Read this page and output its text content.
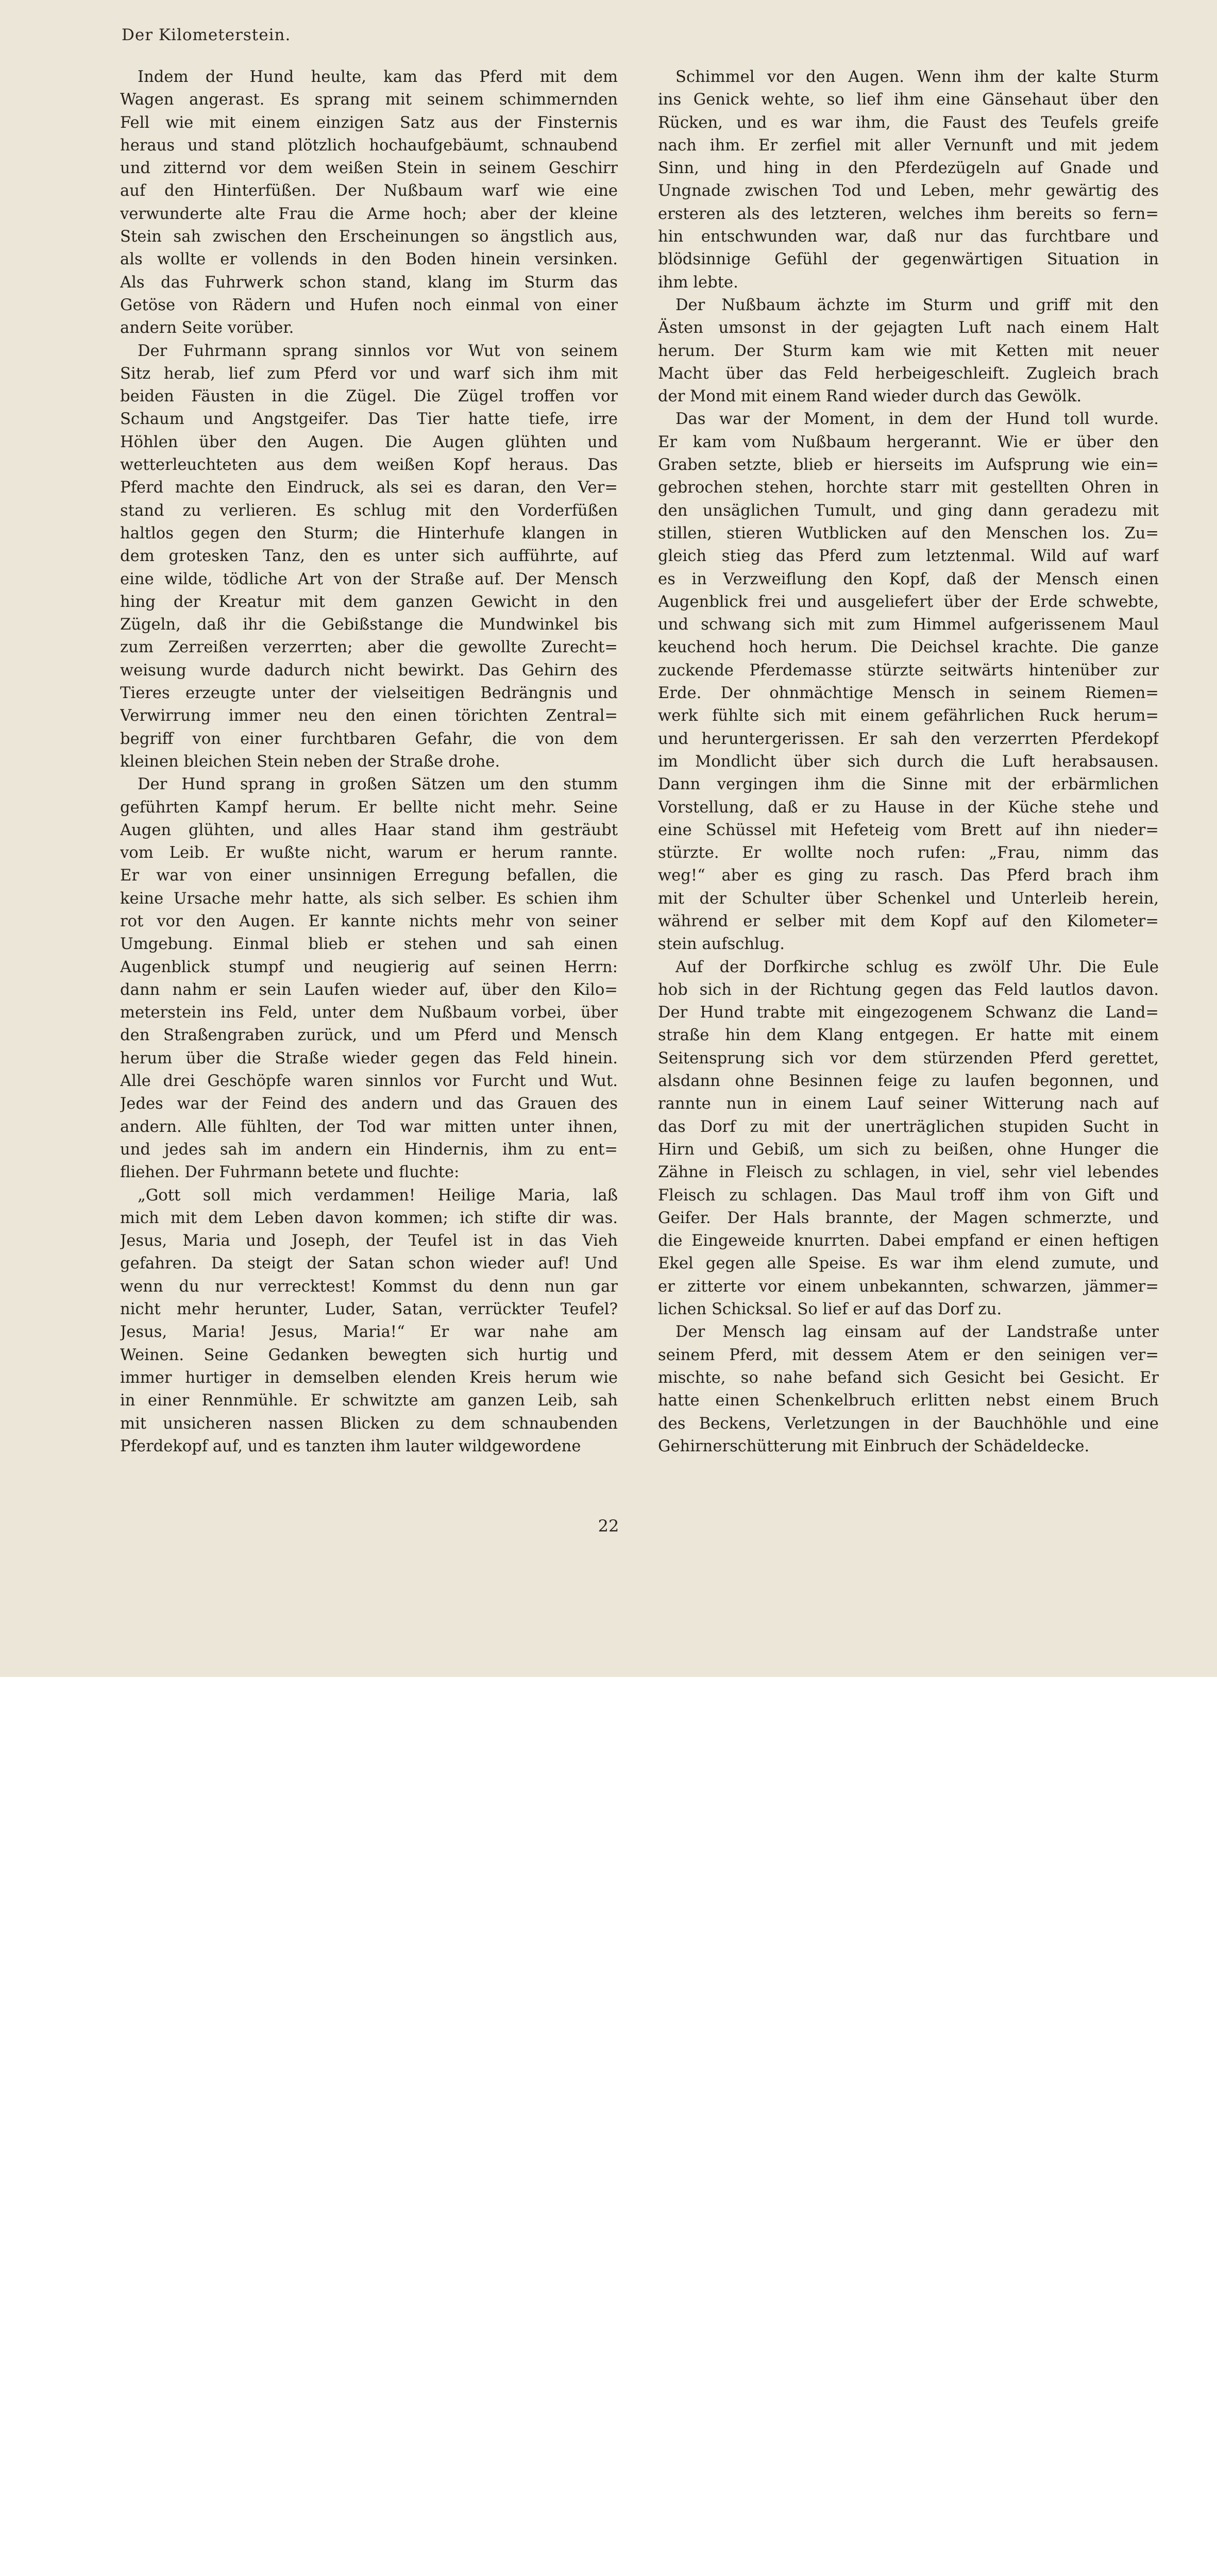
Der Kilometerstein.

Indem der Hund heulte, kam das Pferd mit dem
Wagen angerast. Es sprang mit seinem schimmernden
Fell wie mit einem einzigen Satz aus der Finsternis
heraus und stand plötzlich hochaufgebäumt, schnaubend
und zitternd vor dem weißen Stein in seinem Geschirr
auf den Hinterfüßen. Der Nußbaum warf wie eine
verwunderte alte Frau die Arme hoch; aber der kleine
Stein sah zwischen den Erscheinungen so ängstlich aus,
als wollte er vollends in den Boden hinein versinken.
Als das Fuhrwerk schon stand, klang im Sturm das
Getöse von Rädern und Hufen noch einmal von einer
andern Seite vorüber.

Der Fuhrmann sprang sinnlos vor Wut von seinem
Sitz herab, lief zum Pferd vor und warf sich ihm mit
beiden Fäusten in die Zügel. Die Zügel troffen vor
Schaum und Angstgeifer. Das Tier hatte tiefe, irre
Höhlen über den Augen. Die Augen glühten und
wetterleuchteten aus dem weißen Kopf heraus. Das
Pferd machte den Eindruck, als sei es daran, den Ver=
stand zu verlieren. Es schlug mit den Vorderfüßen
haltlos gegen den Sturm; die Hinterhufe klangen in
dem grotesken Tanz, den es unter sich aufführte, auf
eine wilde, tödliche Art von der Straße auf. Der Mensch
hing der Kreatur mit dem ganzen Gewicht in den
Zügeln, daß ihr die Gebißstange die Mundwinkel bis
zum Zerreißen verzerrten; aber die gewollte Zurecht=
weisung wurde dadurch nicht bewirkt. Das Gehirn des
Tieres erzeugte unter der vielseitigen Bedrängnis und
Verwirrung immer neu den einen törichten Zentral=
begriff von einer furchtbaren Gefahr, die von dem
kleinen bleichen Stein neben der Straße drohe.

Der Hund sprang in großen Sätzen um den stumm
geführten Kampf herum. Er bellte nicht mehr. Seine
Augen glühten, und alles Haar stand ihm gesträubt
vom Leib. Er wußte nicht, warum er herum rannte.
Er war von einer unsinnigen Erregung befallen, die
keine Ursache mehr hatte, als sich selber. Es schien ihm
rot vor den Augen. Er kannte nichts mehr von seiner
Umgebung. Einmal blieb er stehen und sah einen
Augenblick stumpf und neugierig auf seinen Herrn:
dann nahm er sein Laufen wieder auf, über den Kilo=
meterstein ins Feld, unter dem Nußbaum vorbei, über
den Straßengraben zurück, und um Pferd und Mensch
herum über die Straße wieder gegen das Feld hinein.
Alle drei Geschöpfe waren sinnlos vor Furcht und Wut.
Jedes war der Feind des andern und das Grauen des
andern. Alle fühlten, der Tod war mitten unter ihnen,
und jedes sah im andern ein Hindernis, ihm zu ent=
fliehen. Der Fuhrmann betete und fluchte:

„Gott soll mich verdammen! Heilige Maria, laß
mich mit dem Leben davon kommen; ich stifte dir was.
Jesus, Maria und Joseph, der Teufel ist in das Vieh
gefahren. Da steigt der Satan schon wieder auf! Und
wenn du nur verrecktest! Kommst du denn nun gar
nicht mehr herunter, Luder, Satan, verrückter Teufel?
Jesus, Maria! Jesus, Maria!“ Er war nahe am
Weinen. Seine Gedanken bewegten sich hurtig und
immer hurtiger in demselben elenden Kreis herum wie
in einer Rennmühle. Er schwitzte am ganzen Leib, sah
mit unsicheren nassen Blicken zu dem schnaubenden
Pferdekopf auf, und es tanzten ihm lauter wildgewordene

Schimmel vor den Augen. Wenn ihm der kalte Sturm
ins Genick wehte, so lief ihm eine Gänsehaut über den
Rücken, und es war ihm, die Faust des Teufels greife
nach ihm. Er zerfiel mit aller Vernunft und mit jedem
Sinn, und hing in den Pferdezügeln auf Gnade und
Ungnade zwischen Tod und Leben, mehr gewärtig des
ersteren als des letzteren, welches ihm bereits so fern=
hin entschwunden war, daß nur das furchtbare und
blödsinnige Gefühl der gegenwärtigen Situation in
ihm lebte.

Der Nußbaum ächzte im Sturm und griff mit den
Ästen umsonst in der gejagten Luft nach einem Halt
herum. Der Sturm kam wie mit Ketten mit neuer
Macht über das Feld herbeigeschleift. Zugleich brach
der Mond mit einem Rand wieder durch das Gewölk.

Das war der Moment, in dem der Hund toll wurde.
Er kam vom Nußbaum hergerannt. Wie er über den
Graben setzte, blieb er hierseits im Aufsprung wie ein=
gebrochen stehen, horchte starr mit gestellten Ohren in
den unsäglichen Tumult, und ging dann geradezu mit
stillen, stieren Wutblicken auf den Menschen los. Zu=
gleich stieg das Pferd zum letztenmal. Wild auf warf
es in Verzweiflung den Kopf, daß der Mensch einen
Augenblick frei und ausgeliefert über der Erde schwebte,
und schwang sich mit zum Himmel aufgerissenem Maul
keuchend hoch herum. Die Deichsel krachte. Die ganze
zuckende Pferdemasse stürzte seitwärts hintenüber zur
Erde. Der ohnmächtige Mensch in seinem Riemen=
werk fühlte sich mit einem gefährlichen Ruck herum=
und heruntergerissen. Er sah den verzerrten Pferdekopf
im Mondlicht über sich durch die Luft herabsausen.
Dann vergingen ihm die Sinne mit der erbärmlichen
Vorstellung, daß er zu Hause in der Küche stehe und
eine Schüssel mit Hefeteig vom Brett auf ihn nieder=
stürzte. Er wollte noch rufen: „Frau, nimm das
weg!“ aber es ging zu rasch. Das Pferd brach ihm
mit der Schulter über Schenkel und Unterleib herein,
während er selber mit dem Kopf auf den Kilometer=
stein aufschlug.

Auf der Dorfkirche schlug es zwölf Uhr. Die Eule
hob sich in der Richtung gegen das Feld lautlos davon.
Der Hund trabte mit eingezogenem Schwanz die Land=
straße hin dem Klang entgegen. Er hatte mit einem
Seitensprung sich vor dem stürzenden Pferd gerettet,
alsdann ohne Besinnen feige zu laufen begonnen, und
rannte nun in einem Lauf seiner Witterung nach auf
das Dorf zu mit der unerträglichen stupiden Sucht in
Hirn und Gebiß, um sich zu beißen, ohne Hunger die
Zähne in Fleisch zu schlagen, in viel, sehr viel lebendes
Fleisch zu schlagen. Das Maul troff ihm von Gift und
Geifer. Der Hals brannte, der Magen schmerzte, und
die Eingeweide knurrten. Dabei empfand er einen heftigen
Ekel gegen alle Speise. Es war ihm elend zumute, und
er zitterte vor einem unbekannten, schwarzen, jämmer=
lichen Schicksal. So lief er auf das Dorf zu.

Der Mensch lag einsam auf der Landstraße unter
seinem Pferd, mit dessem Atem er den seinigen ver=
mischte, so nahe befand sich Gesicht bei Gesicht. Er
hatte einen Schenkelbruch erlitten nebst einem Bruch
des Beckens, Verletzungen in der Bauchhöhle und eine
Gehirnerschütterung mit Einbruch der Schädeldecke.

22
